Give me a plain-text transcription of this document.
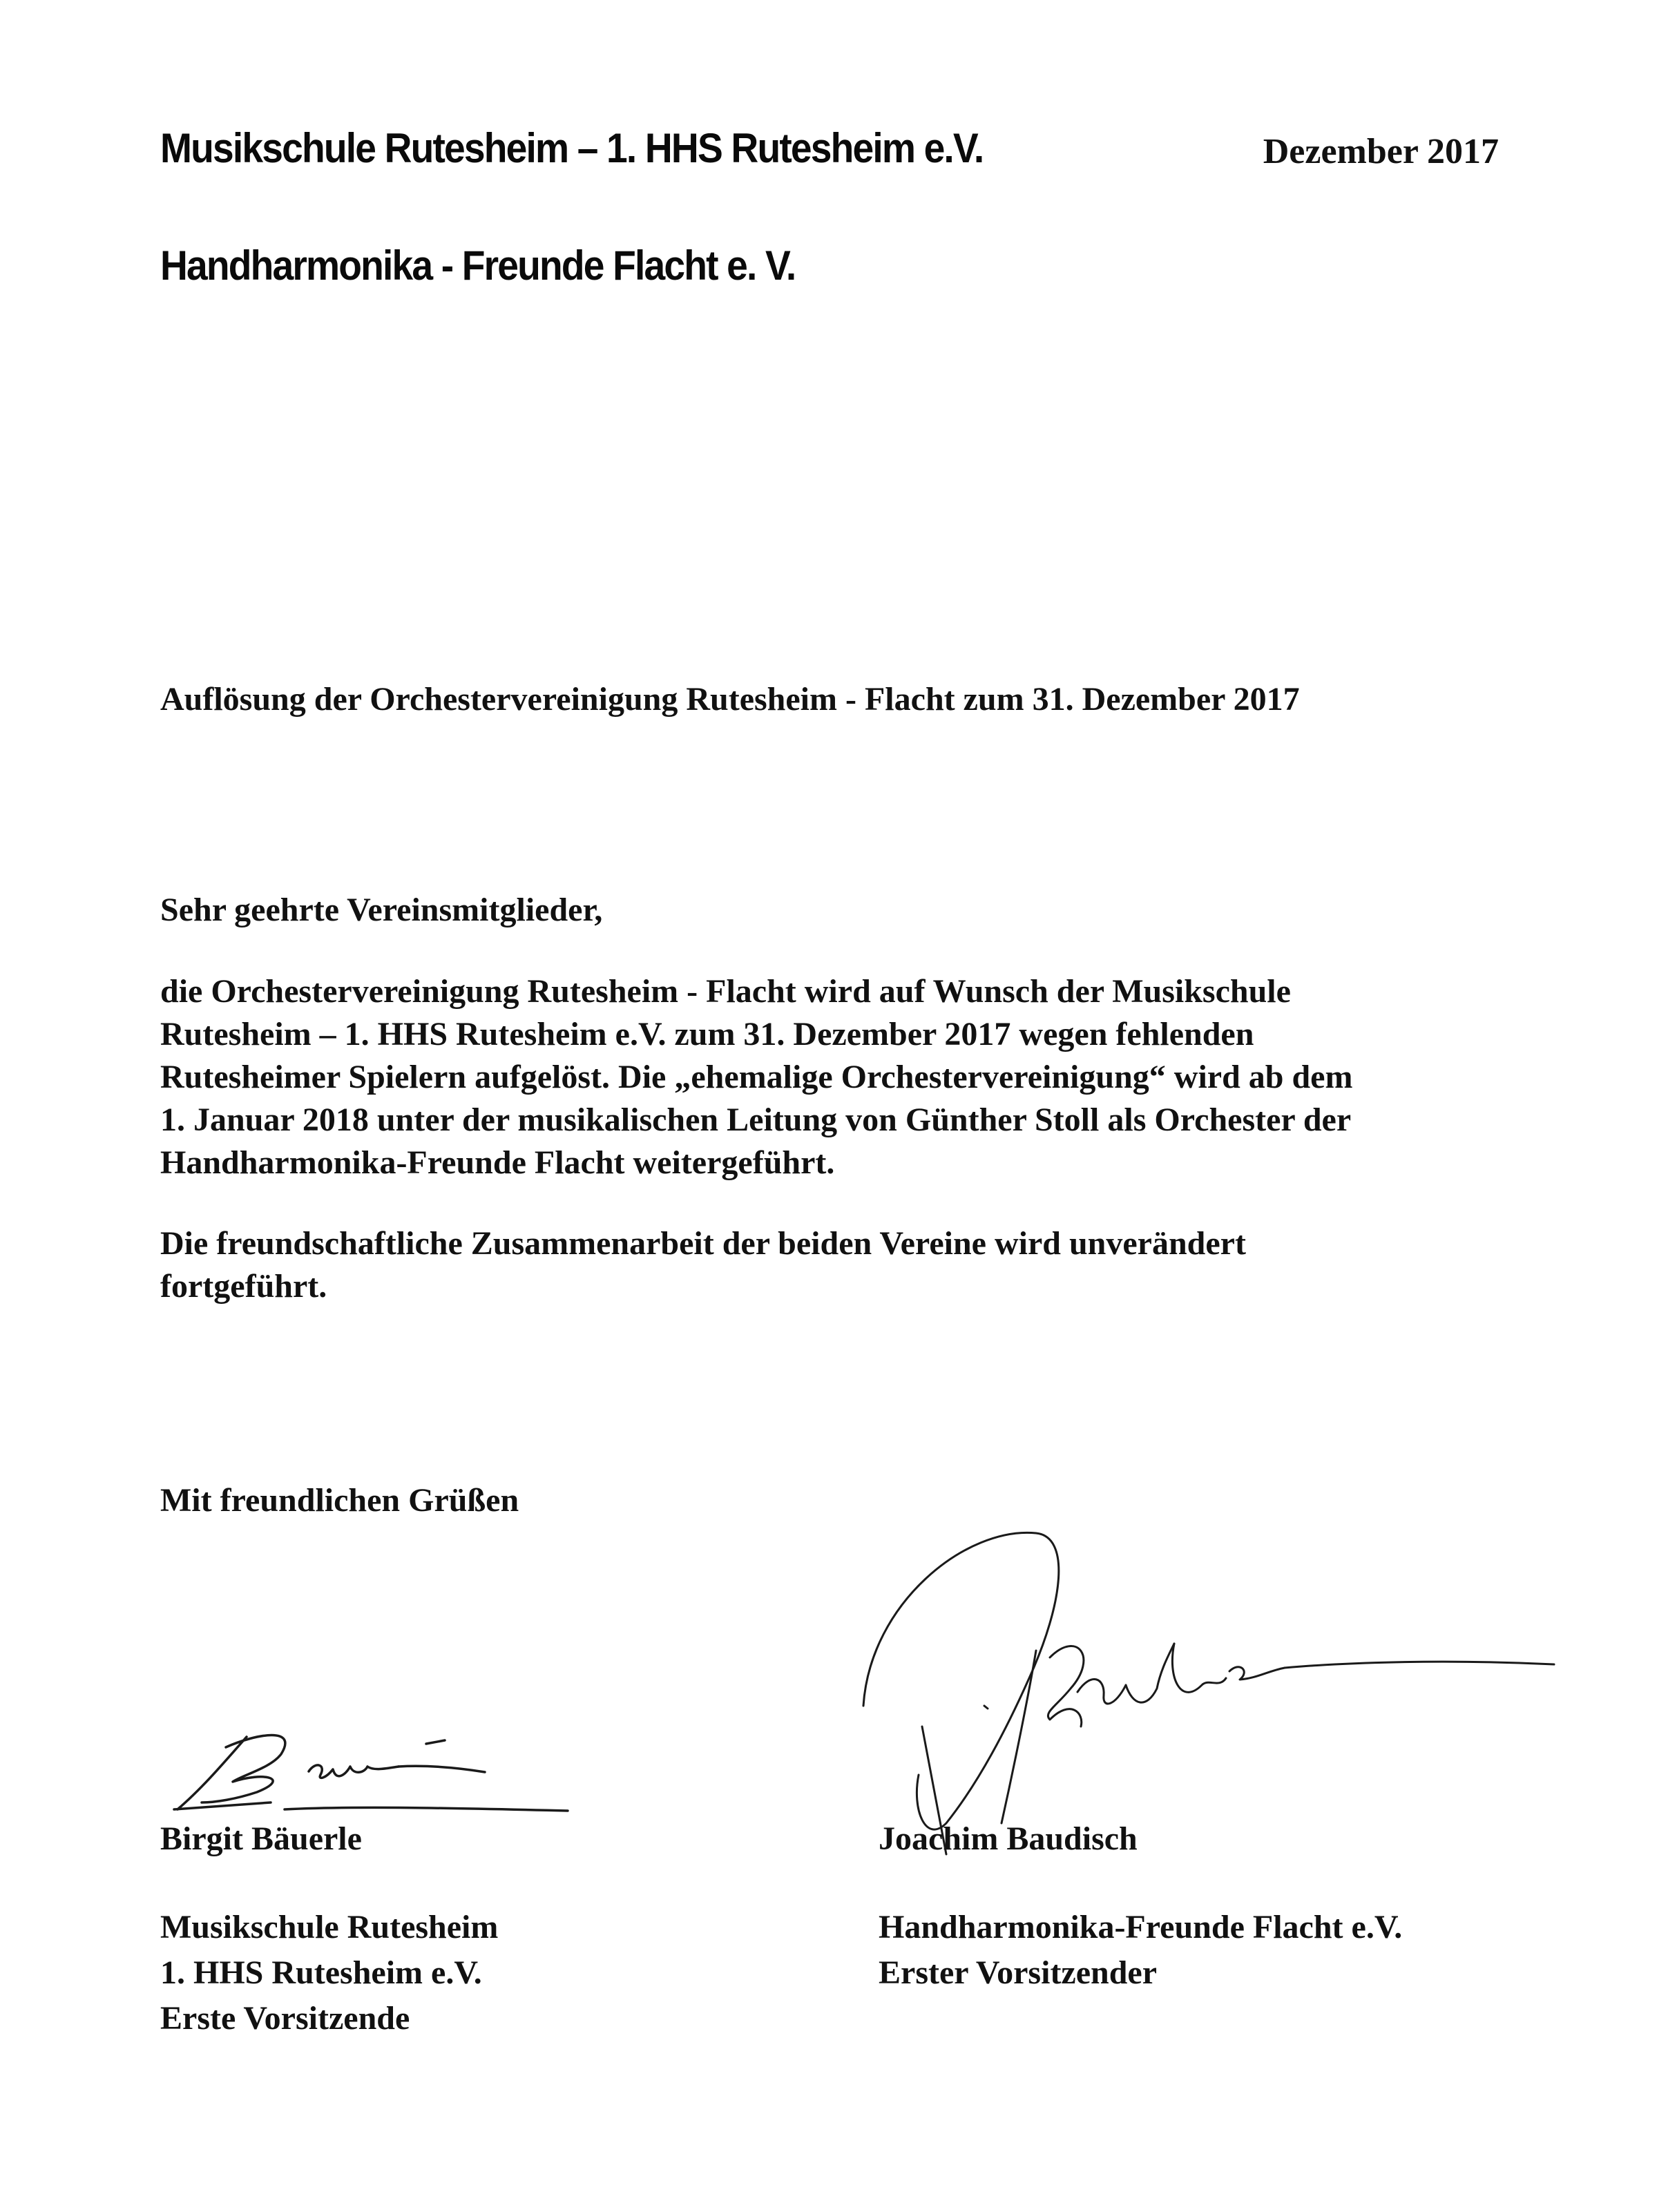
Musikschule Rutesheim – 1. HHS Rutesheim e.V.	Dezember 2017
Handharmonika - Freunde Flacht e. V.
Auflösung der Orchestervereinigung Rutesheim - Flacht zum 31. Dezember 2017
Sehr geehrte Vereinsmitglieder,

die Orchestervereinigung Rutesheim - Flacht wird auf Wunsch der Musikschule
Rutesheim – 1. HHS Rutesheim e.V. zum 31. Dezember 2017 wegen fehlenden
Rutesheimer Spielern aufgelöst. Die „ehemalige Orchestervereinigung“ wird ab dem
1. Januar 2018 unter der musikalischen Leitung von Günther Stoll als Orchester der
Handharmonika-Freunde Flacht weitergeführt.

Die freundschaftliche Zusammenarbeit der beiden Vereine wird unverändert
fortgeführt.

Mit freundlichen Grüßen
Birgit Bäuerle
Musikschule Rutesheim
1. HHS Rutesheim e.V.
Erste Vorsitzende
Joachim Baudisch
Handharmonika-Freunde Flacht e.V.
Erster Vorsitzender
